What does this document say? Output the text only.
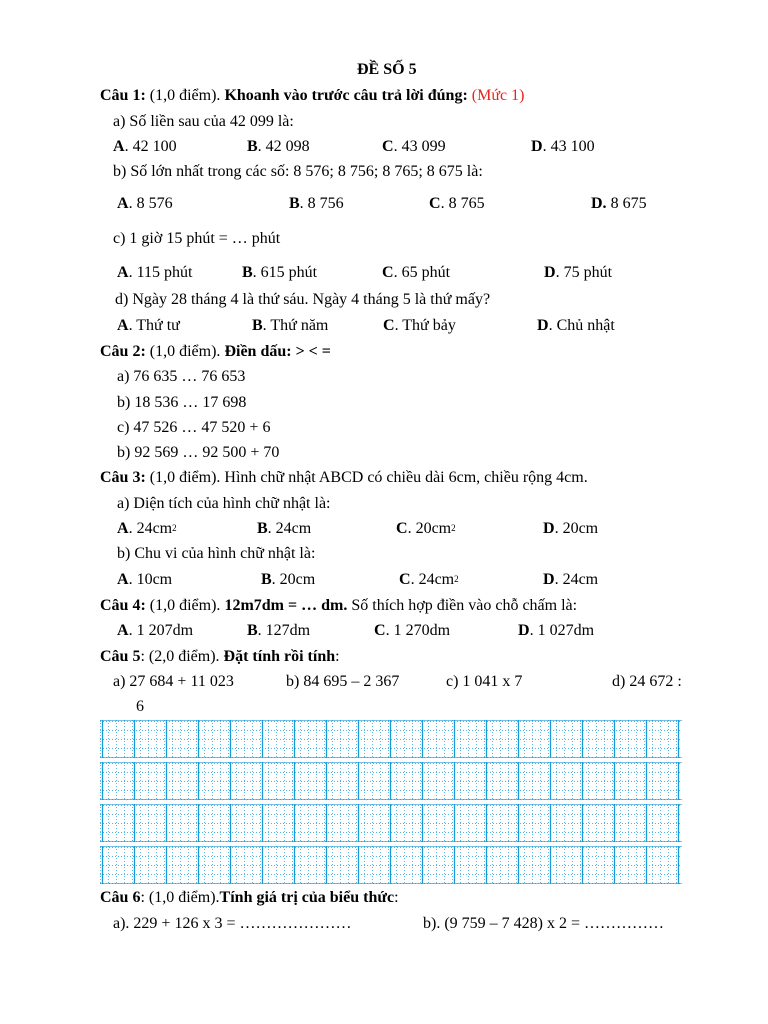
ĐỀ SỐ 5
Câu 1: (1,0 điểm). Khoanh vào trước câu trả lời đúng: (Mức 1)
a) Số liền sau của 42 099 là:
A. 42 100	B. 42 098	C. 43 099	D. 43 100
b) Số lớn nhất trong các số: 8 576; 8 756; 8 765; 8 675 là:
A. 8 576	B. 8 756	C. 8 765	D. 8 675
c) 1 giờ 15 phút = … phút
A. 115 phút	B. 615 phút	C. 65 phút	D. 75 phút
d) Ngày 28 tháng 4 là thứ sáu. Ngày 4 tháng 5 là thứ mấy?
A. Thứ tư	B. Thứ năm	C. Thứ bảy	D. Chủ nhật
Câu 2: (1,0 điểm). Điền dấu: > < =
a) 76 635 … 76 653
b) 18 536 … 17 698
c) 47 526 … 47 520 + 6
b) 92 569 … 92 500 + 70
Câu 3: (1,0 điểm). Hình chữ nhật ABCD có chiều dài 6cm, chiều rộng 4cm.
a) Diện tích của hình chữ nhật là:
A. $24cm^2$	B. 24cm	C. $20cm^2$	D. 20cm
b) Chu vi của hình chữ nhật là:
A. 10cm	B. 20cm	C. $24cm^2$	D. 24cm
Câu 4: (1,0 điểm). 12m7dm = … dm. Số thích hợp điền vào chỗ chấm là:
A. 1 207dm	B. 127dm	C. 1 270dm	D. 1 027dm
Câu 5: (2,0 điểm). Đặt tính rồi tính:
a) 27 684 + 11 023	b) 84 695 – 2 367	c) 1 041 x 7	d) 24 672 :
6
Câu 6: (1,0 điểm).Tính giá trị của biểu thức:
a). 229 + 126 x 3 = …………………	b). (9 759 – 7 428) x 2 = ……………
